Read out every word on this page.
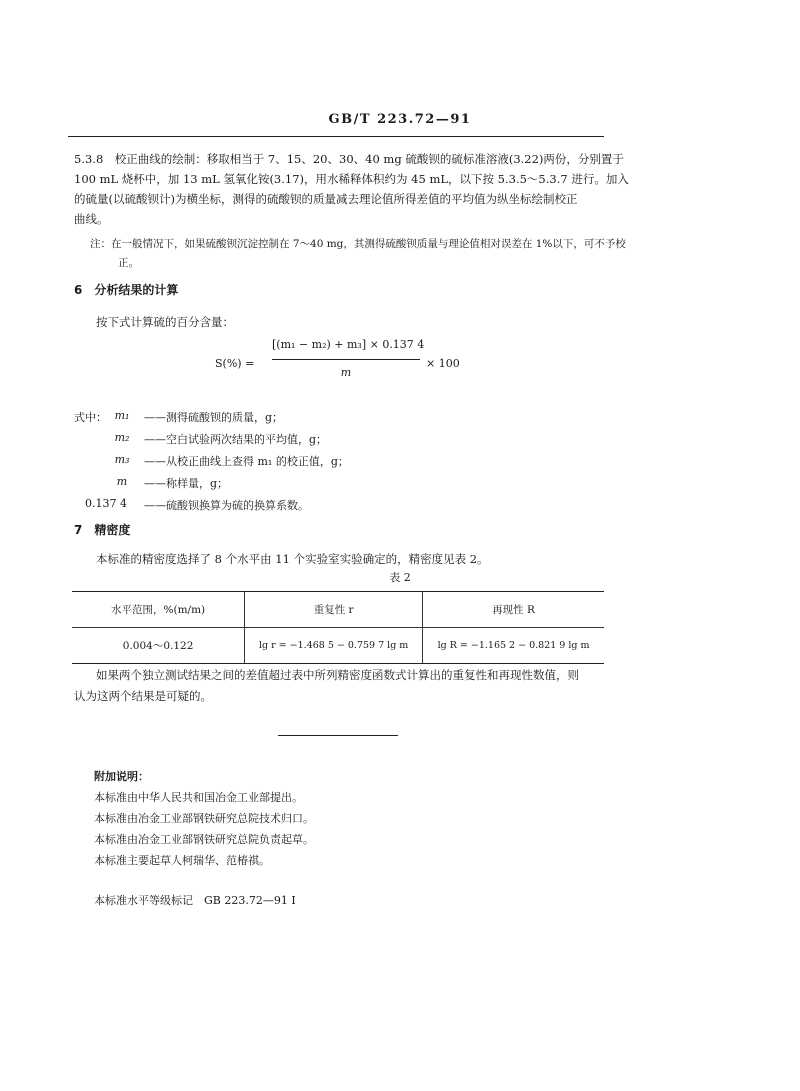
GB/T 223.72—91
5.3.8　校正曲线的绘制：移取相当于 7、15、20、30、40 mg 硫酸钡的硫标准溶液(3.22)两份，分别置于
100 mL 烧杯中，加 13 mL 氢氧化铵(3.17)，用水稀释体积约为 45 mL，以下按 5.3.5～5.3.7 进行。加入
的硫量(以硫酸钡计)为横坐标，测得的硫酸钡的质量减去理论值所得差值的平均值为纵坐标绘制校正
曲线。
注：在一般情况下，如果硫酸钡沉淀控制在 7～40 mg，其测得硫酸钡质量与理论值相对误差在 1%以下，可不予校
正。
6　分析结果的计算
按下式计算硫的百分含量：
S(%) =
[(m₁ − m₂) + m₃] × 0.137 4
m
× 100
式中： m₁	——测得硫酸钡的质量，g；
m₂	——空白试验两次结果的平均值，g；
m₃	——从校正曲线上查得 m₁ 的校正值，g；
m	——称样量，g；
0.137 4	——硫酸钡换算为硫的换算系数。
7　精密度
本标准的精密度选择了 8 个水平由 11 个实验室实验确定的，精密度见表 2。
表 2
水平范围，%(m/m)	重复性 r	再现性 R
0.004～0.122	lg r = −1.468 5 − 0.759 7 lg m	lg R = −1.165 2 − 0.821 9 lg m
如果两个独立测试结果之间的差值超过表中所列精密度函数式计算出的重复性和再现性数值，则
认为这两个结果是可疑的。
附加说明：
本标准由中华人民共和国冶金工业部提出。
本标准由冶金工业部钢铁研究总院技术归口。
本标准由冶金工业部钢铁研究总院负责起草。
本标准主要起草人柯瑞华、范椿祺。
本标准水平等级标记　GB 223.72—91 Ⅰ
